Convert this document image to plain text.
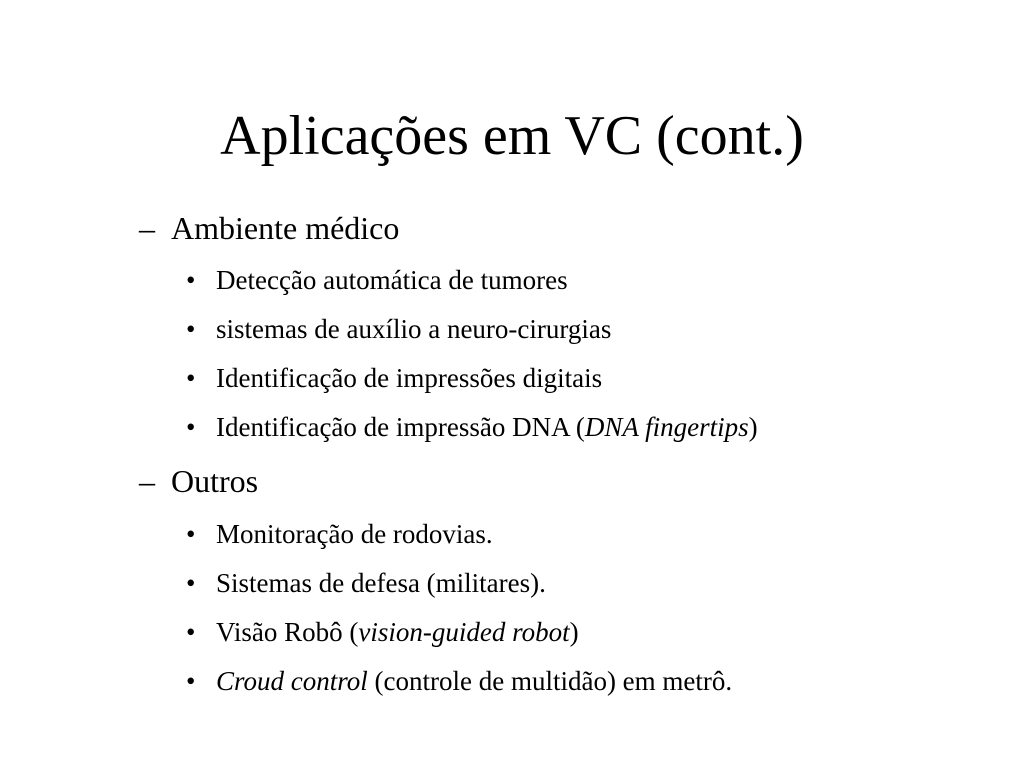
Aplicações em VC (cont.)
– Ambiente médico
• Detecção automática de tumores
• sistemas de auxílio a neuro-cirurgias
• Identificação de impressões digitais
• Identificação de impressão DNA (DNA fingertips)
– Outros
• Monitoração de rodovias.
• Sistemas de defesa (militares).
• Visão Robô (vision-guided robot)
• Croud control (controle de multidão) em metrô.
